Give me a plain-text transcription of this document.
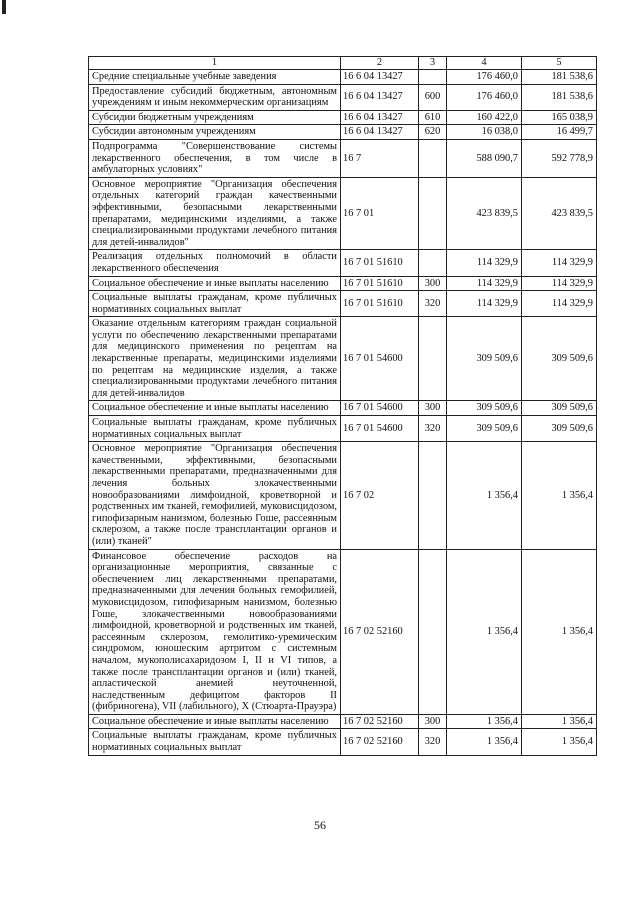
1	2	3	4	5
Средние специальные учебные заведения	16 6 04 13427		176 460,0	181 538,6
Предоставление субсидий бюджетным, автономным учреждениям и иным некоммерческим организациям	16 6 04 13427	600	176 460,0	181 538,6
Субсидии бюджетным учреждениям	16 6 04 13427	610	160 422,0	165 038,9
Субсидии автономным учреждениям	16 6 04 13427	620	16 038,0	16 499,7
Подпрограмма "Совершенствование системы лекарственного обеспечения, в том числе в амбулаторных условиях"	16 7		588 090,7	592 778,9
Основное мероприятие "Организация обеспечения отдельных категорий граждан качественными эффективными, безопасными лекарственными препаратами, медицинскими изделиями, а также специализированными продуктами лечебного питания для детей-инвалидов"	16 7 01		423 839,5	423 839,5
Реализация отдельных полномочий в области лекарственного обеспечения	16 7 01 51610		114 329,9	114 329,9
Социальное обеспечение и иные выплаты населению	16 7 01 51610	300	114 329,9	114 329,9
Социальные выплаты гражданам, кроме публичных нормативных социальных выплат	16 7 01 51610	320	114 329,9	114 329,9
Оказание отдельным категориям граждан социальной услуги по обеспечению лекарственными препаратами для медицинского применения по рецептам на лекарственные препараты, медицинскими изделиями по рецептам на медицинские изделия, а также специализированными продуктами лечебного питания для детей-инвалидов	16 7 01 54600		309 509,6	309 509,6
Социальное обеспечение и иные выплаты населению	16 7 01 54600	300	309 509,6	309 509,6
Социальные выплаты гражданам, кроме публичных нормативных социальных выплат	16 7 01 54600	320	309 509,6	309 509,6
Основное мероприятие "Организация обеспечения качественными, эффективными, безопасными лекарственными препаратами, предназначенными для лечения больных злокачественными новообразованиями лимфоидной, кроветворной и родственных им тканей, гемофилией, муковисцидозом, гипофизарным нанизмом, болезнью Гоше, рассеянным склерозом, а также после трансплантации органов и (или) тканей"	16 7 02		1 356,4	1 356,4
Финансовое обеспечение расходов на организационные мероприятия, связанные с обеспечением лиц лекарственными препаратами, предназначенными для лечения больных гемофилией, муковисцидозом, гипофизарным нанизмом, болезнью Гоше, злокачественными новообразованиями лимфоидной, кроветворной и родственных им тканей, рассеянным склерозом, гемолитико-уремическим синдромом, юношеским артритом с системным началом, мукополисахаридозом I, II и VI типов, а также после трансплантации органов и (или) тканей, апластической анемией неуточненной, наследственным дефицитом факторов II (фибриногена), VII (лабильного), X (Стюарта-Прауэра)	16 7 02 52160		1 356,4	1 356,4
Социальное обеспечение и иные выплаты населению	16 7 02 52160	300	1 356,4	1 356,4
Социальные выплаты гражданам, кроме публичных нормативных социальных выплат	16 7 02 52160	320	1 356,4	1 356,4
56
